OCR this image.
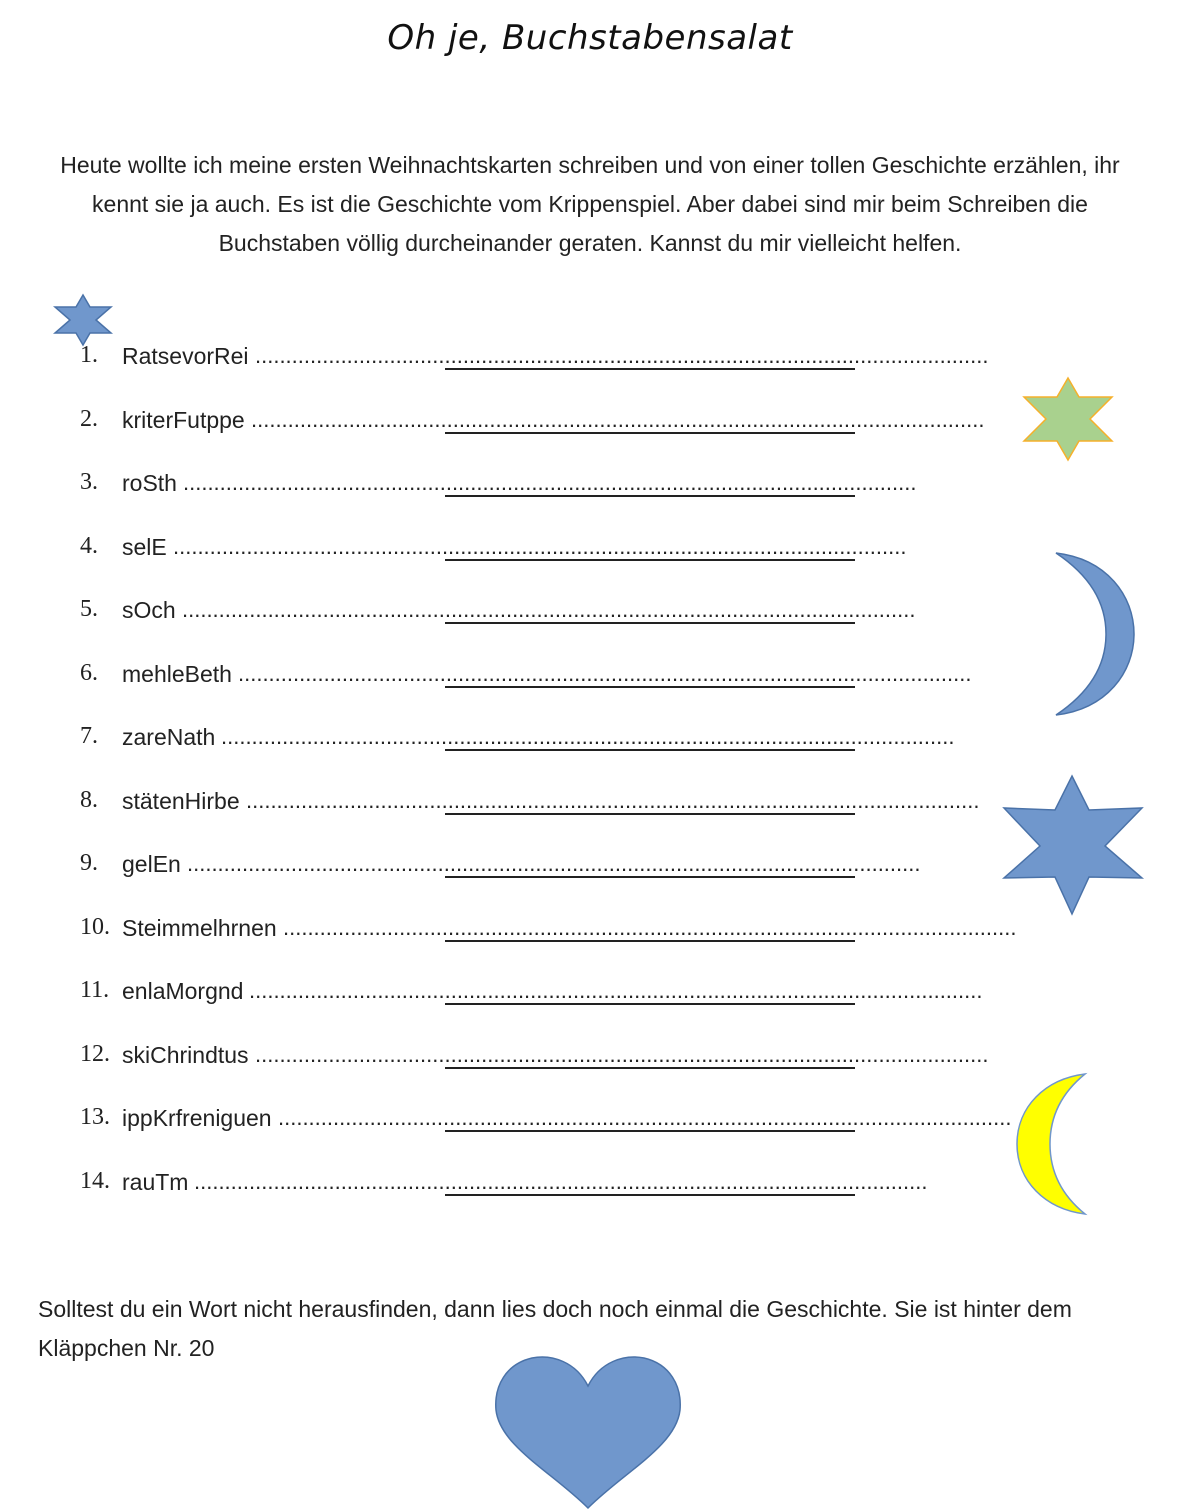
Oh je, Buchstabensalat
Heute wollte ich meine ersten Weihnachtskarten schreiben und von einer tollen Geschichte erzählen, ihr kennt sie ja auch. Es ist die Geschichte vom Krippenspiel. Aber dabei sind mir beim Schreiben die Buchstaben völlig durcheinander geraten. Kannst du mir vielleicht helfen.
1. RatsevorRei ........................................................................................................................
2. kriterFutppe ........................................................................................................................
3. roSth ........................................................................................................................
4. selE ........................................................................................................................
5. sOch ........................................................................................................................
6. mehleBeth ........................................................................................................................
7. zareNath ........................................................................................................................
8. stätenHirbe ........................................................................................................................
9. gelEn ........................................................................................................................
10. Steimmelhrnen ........................................................................................................................
11. enlaMorgnd ........................................................................................................................
12. skiChrindtus ........................................................................................................................
13. ippKrfreniguen ........................................................................................................................
14. rauTm ........................................................................................................................
Solltest du ein Wort nicht herausfinden, dann lies doch noch einmal die Geschichte. Sie ist hinter dem Kläppchen Nr. 20
